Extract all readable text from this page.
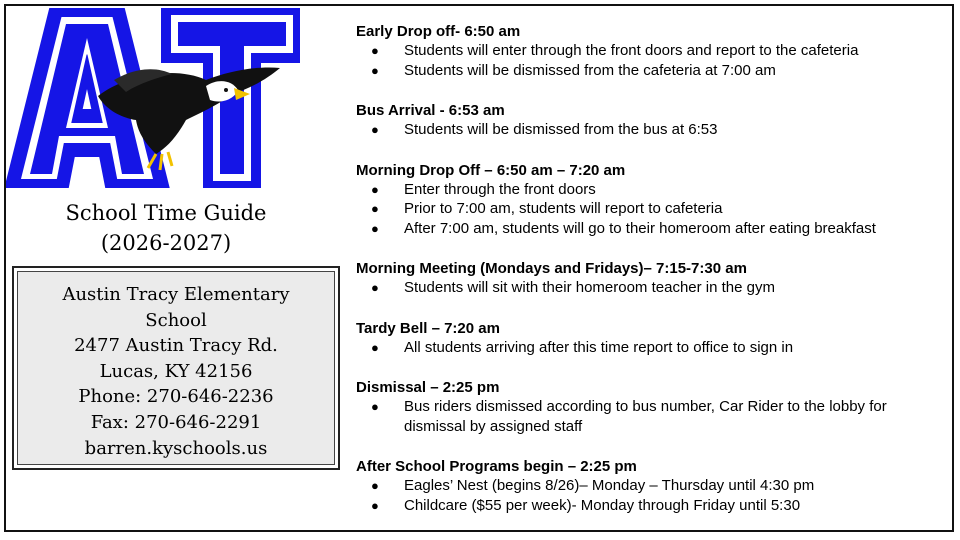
School Time Guide
(2026-2027)
Austin Tracy Elementary
School
2477 Austin Tracy Rd.
Lucas, KY 42156
Phone: 270-646-2236
Fax: 270-646-2291
barren.kyschools.us
Early Drop off- 6:50 am
● Students will enter through the front doors and report to the cafeteria
● Students will be dismissed from the cafeteria at 7:00 am
Bus Arrival - 6:53 am
● Students will be dismissed from the bus at 6:53
Morning Drop Off – 6:50 am – 7:20 am
● Enter through the front doors
● Prior to 7:00 am, students will report to cafeteria
● After 7:00 am, students will go to their homeroom after eating breakfast
Morning Meeting (Mondays and Fridays)– 7:15-7:30 am
● Students will sit with their homeroom teacher in the gym
Tardy Bell – 7:20 am
● All students arriving after this time report to office to sign in
Dismissal – 2:25 pm
● Bus riders dismissed according to bus number, Car Rider to the lobby for dismissal by assigned staff
After School Programs begin – 2:25 pm
● Eagles’ Nest (begins 8/26)– Monday – Thursday until 4:30 pm
● Childcare ($55 per week)- Monday through Friday until 5:30
